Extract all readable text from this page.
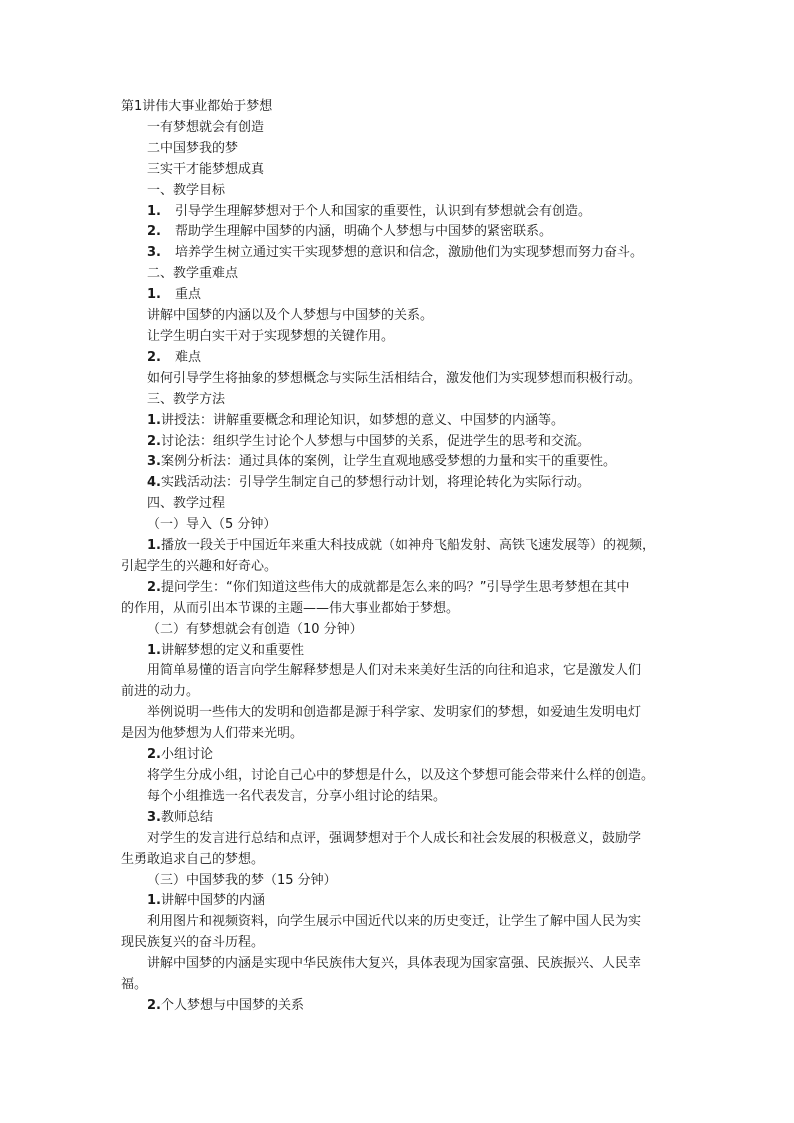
第1讲伟大事业都始于梦想
一有梦想就会有创造
二中国梦我的梦
三实干才能梦想成真
一、教学目标
1. 引导学生理解梦想对于个人和国家的重要性，认识到有梦想就会有创造。
2. 帮助学生理解中国梦的内涵，明确个人梦想与中国梦的紧密联系。
3. 培养学生树立通过实干实现梦想的意识和信念，激励他们为实现梦想而努力奋斗。
二、教学重难点
1. 重点
讲解中国梦的内涵以及个人梦想与中国梦的关系。
让学生明白实干对于实现梦想的关键作用。
2. 难点
如何引导学生将抽象的梦想概念与实际生活相结合，激发他们为实现梦想而积极行动。
三、教学方法
1.讲授法：讲解重要概念和理论知识，如梦想的意义、中国梦的内涵等。
2.讨论法：组织学生讨论个人梦想与中国梦的关系，促进学生的思考和交流。
3.案例分析法：通过具体的案例，让学生直观地感受梦想的力量和实干的重要性。
4.实践活动法：引导学生制定自己的梦想行动计划，将理论转化为实际行动。
四、教学过程
（一）导入（5 分钟）
1.播放一段关于中国近年来重大科技成就（如神舟飞船发射、高铁飞速发展等）的视频，
引起学生的兴趣和好奇心。
2.提问学生：“你们知道这些伟大的成就都是怎么来的吗？”引导学生思考梦想在其中
的作用，从而引出本节课的主题——伟大事业都始于梦想。
（二）有梦想就会有创造（10 分钟）
1.讲解梦想的定义和重要性
用简单易懂的语言向学生解释梦想是人们对未来美好生活的向往和追求，它是激发人们
前进的动力。
举例说明一些伟大的发明和创造都是源于科学家、发明家们的梦想，如爱迪生发明电灯
是因为他梦想为人们带来光明。
2.小组讨论
将学生分成小组，讨论自己心中的梦想是什么，以及这个梦想可能会带来什么样的创造。
每个小组推选一名代表发言，分享小组讨论的结果。
3.教师总结
对学生的发言进行总结和点评，强调梦想对于个人成长和社会发展的积极意义，鼓励学
生勇敢追求自己的梦想。
（三）中国梦我的梦（15 分钟）
1.讲解中国梦的内涵
利用图片和视频资料，向学生展示中国近代以来的历史变迁，让学生了解中国人民为实
现民族复兴的奋斗历程。
讲解中国梦的内涵是实现中华民族伟大复兴，具体表现为国家富强、民族振兴、人民幸
福。
2.个人梦想与中国梦的关系
